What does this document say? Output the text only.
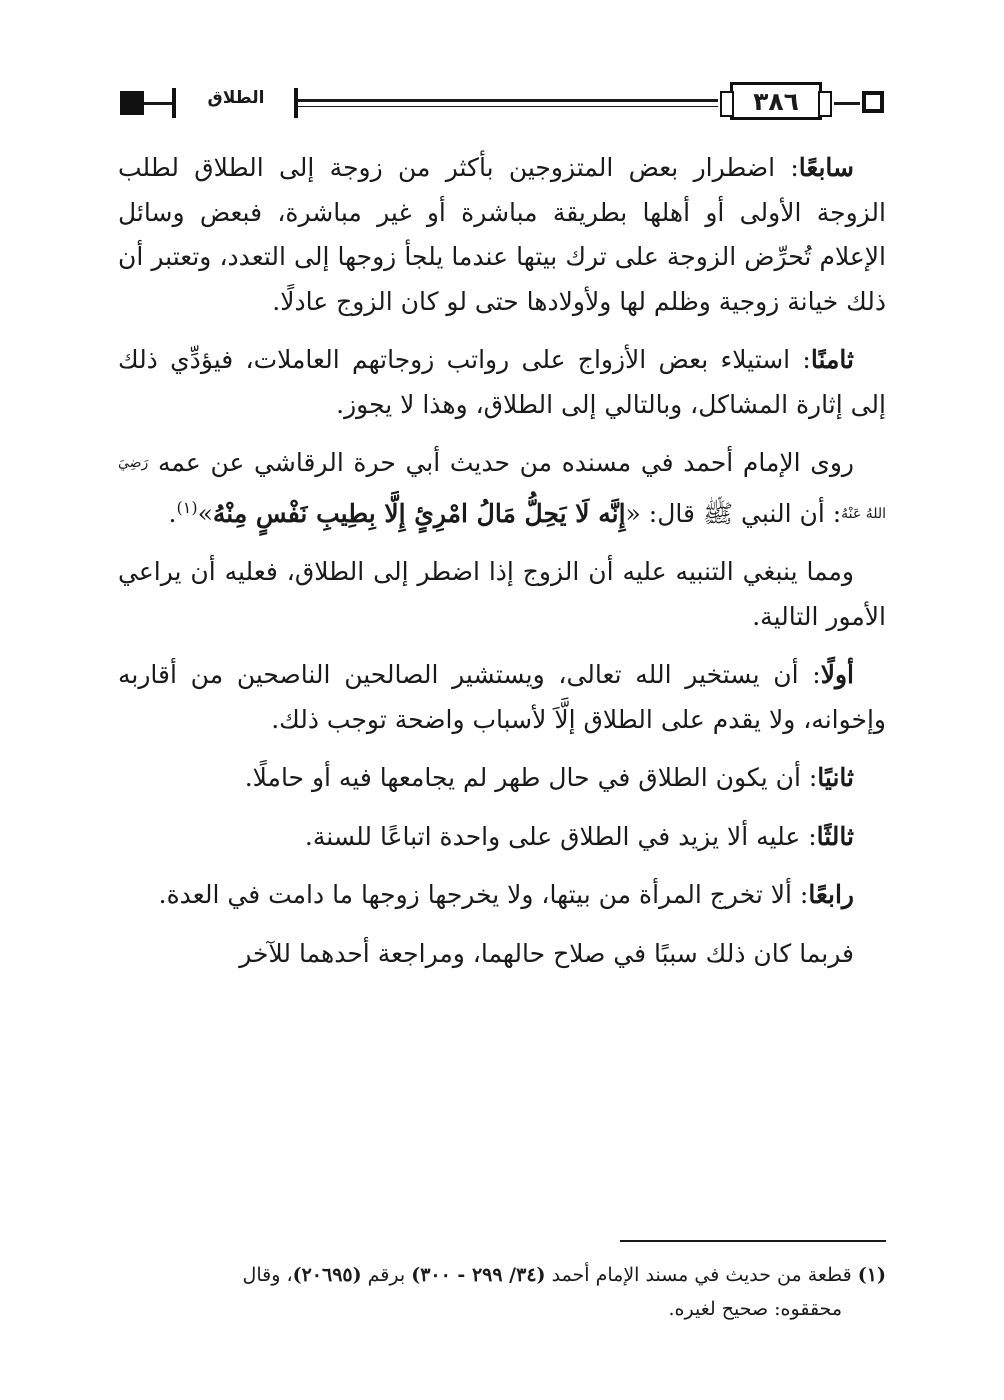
الطلاق	٣٨٦

سابعًا: اضطرار بعض المتزوجين بأكثر من زوجة إلى الطلاق لطلب الزوجة الأولى أو أهلها بطريقة مباشرة أو غير مباشرة، فبعض وسائل الإعلام تُحرِّض الزوجة على ترك بيتها عندما يلجأ زوجها إلى التعدد، وتعتبر أن ذلك خيانة زوجية وظلم لها ولأولادها حتى لو كان الزوج عادلًا.

ثامنًا: استيلاء بعض الأزواج على رواتب زوجاتهم العاملات، فيؤدِّي ذلك إلى إثارة المشاكل، وبالتالي إلى الطلاق، وهذا لا يجوز.

روى الإمام أحمد في مسنده من حديث أبي حرة الرقاشي عن عمه رَضِيَ اللهُ عَنْهُ: أن النبي ﷺ قال: «إِنَّه لَا يَحِلُّ مَالُ امْرِئٍ إِلَّا بِطِيبِ نَفْسٍ مِنْهُ»$^{(١)}$.

ومما ينبغي التنبيه عليه أن الزوج إذا اضطر إلى الطلاق، فعليه أن يراعي الأمور التالية.

أولًا: أن يستخير الله تعالى، ويستشير الصالحين الناصحين من أقاربه وإخوانه، ولا يقدم على الطلاق إلَّاَ لأسباب واضحة توجب ذلك.

ثانيًا: أن يكون الطلاق في حال طهر لم يجامعها فيه أو حاملًا.

ثالثًا: عليه ألا يزيد في الطلاق على واحدة اتباعًا للسنة.

رابعًا: ألا تخرج المرأة من بيتها، ولا يخرجها زوجها ما دامت في العدة.

فربما كان ذلك سببًا في صلاح حالهما، ومراجعة أحدهما للآخر

(١) قطعة من حديث في مسند الإمام أحمد (٣٤/ ٢٩٩ - ٣٠٠) برقم (٢٠٦٩٥)، وقال
محققوه: صحيح لغيره.
